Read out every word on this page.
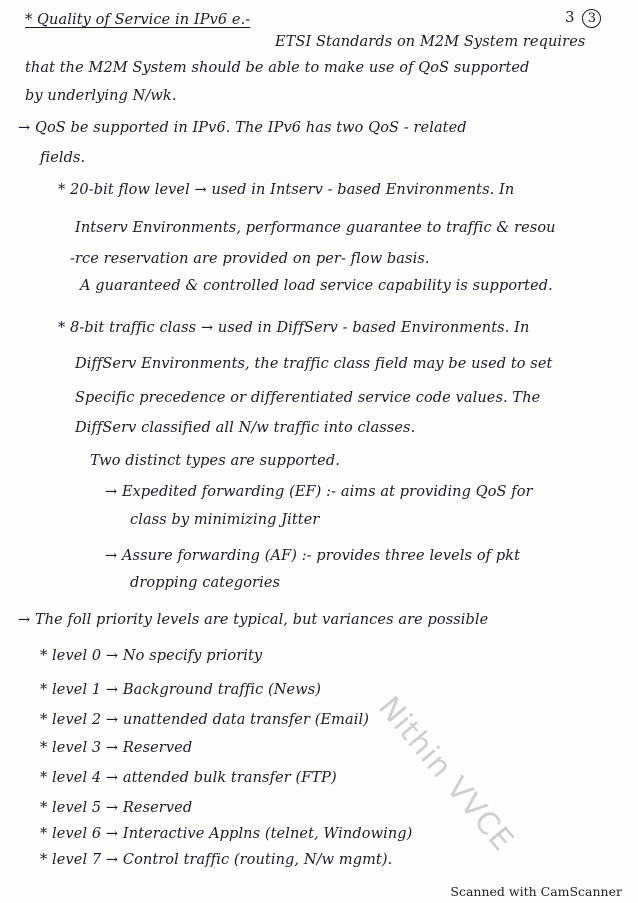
3 3
Nithin VVCE
* Quality of Service in IPv6 e.-
ETSI Standards on M2M System requires
that the M2M System should be able to make use of QoS supported
by underlying N/wk.
→ QoS be supported in IPv6. The IPv6 has two QoS - related
fields.
* 20-bit flow level → used in Intserv - based Environments. In
Intserv Environments, performance guarantee to traffic & resou
-rce reservation are provided on per- flow basis.
A guaranteed & controlled load service capability is supported.
* 8-bit traffic class → used in DiffServ - based Environments. In
DiffServ Environments, the traffic class field may be used to set
Specific precedence or differentiated service code values. The
DiffServ classified all N/w traffic into classes.
Two distinct types are supported.
→ Expedited forwarding (EF) :- aims at providing QoS for
class by minimizing Jitter
→ Assure forwarding (AF) :- provides three levels of pkt
dropping categories
→ The foll priority levels are typical, but variances are possible
* level 0 → No specify priority
* level 1 → Background traffic (News)
* level 2 → unattended data transfer (Email)
* level 3 → Reserved
* level 4 → attended bulk transfer (FTP)
* level 5 → Reserved
* level 6 → Interactive Applns (telnet, Windowing)
* level 7 → Control traffic (routing, N/w mgmt).
Scanned with CamScanner
